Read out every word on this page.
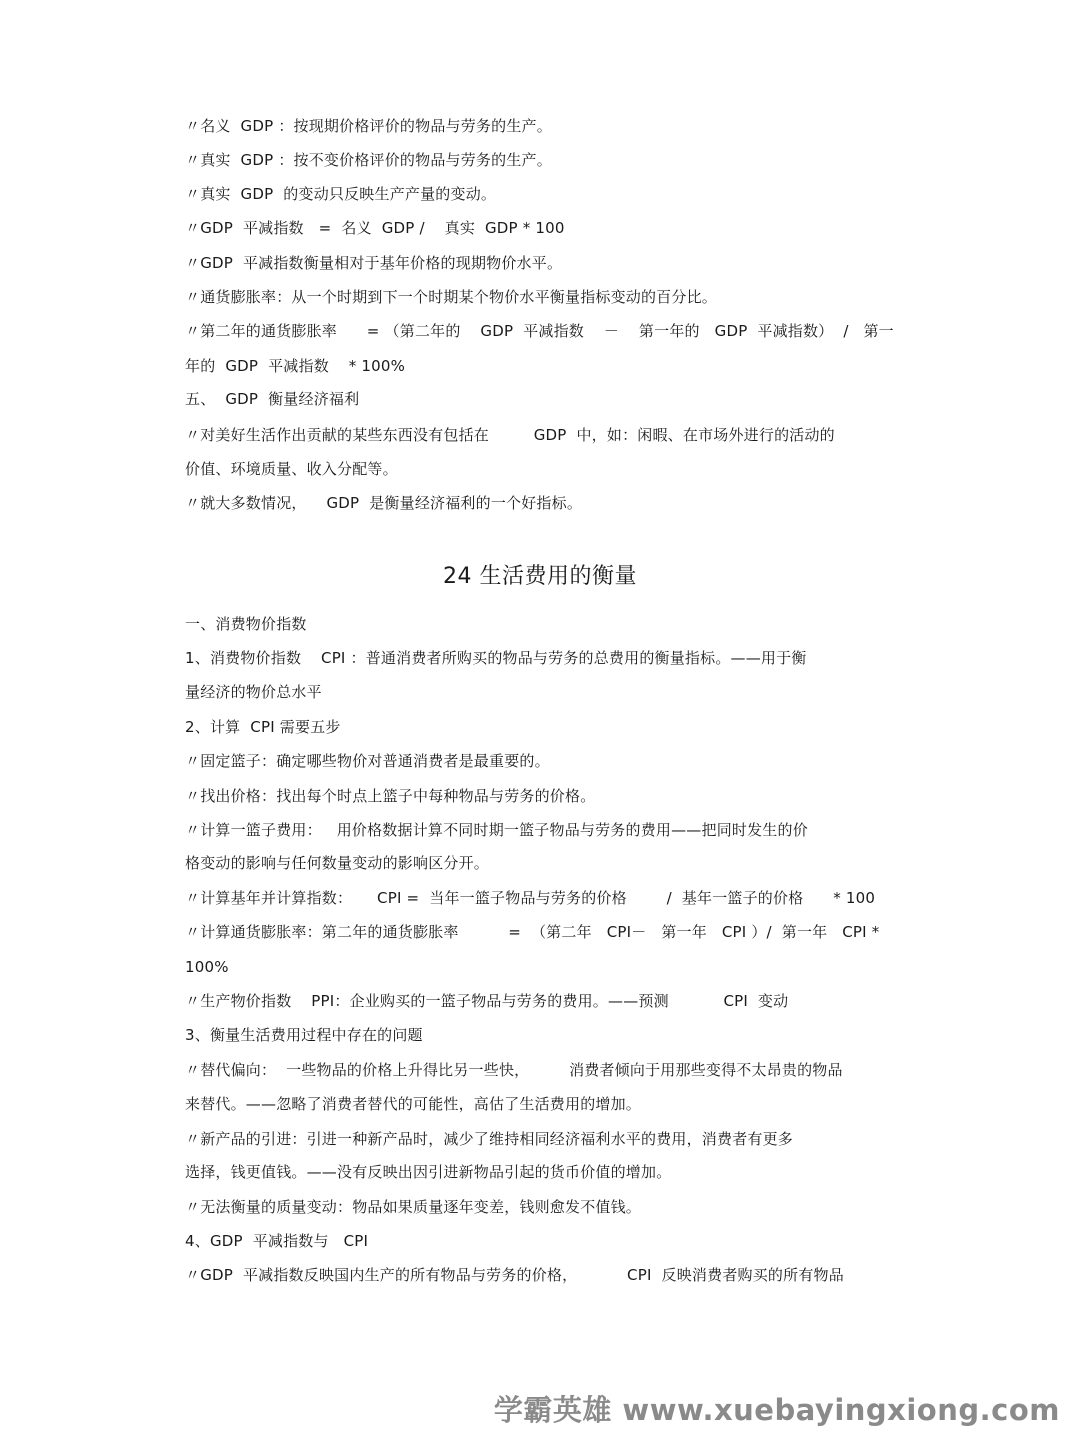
〃名义  GDP ：按现期价格评价的物品与劳务的生产。
〃真实  GDP ：按不变价格评价的物品与劳务的生产。
〃真实  GDP  的变动只反映生产产量的变动。
〃GDP  平减指数   =  名义  GDP /    真实  GDP * 100
〃GDP  平减指数衡量相对于基年价格的现期物价水平。
〃通货膨胀率：从一个时期到下一个时期某个物价水平衡量指标变动的百分比。
〃第二年的通货膨胀率      = （第二年的    GDP  平减指数    －    第一年的   GDP  平减指数）  /   第一
年的  GDP  平减指数    * 100%
五、  GDP  衡量经济福利
〃对美好生活作出贡献的某些东西没有包括在         GDP  中，如：闲暇、在市场外进行的活动的
价值、环境质量、收入分配等。
〃就大多数情况，    GDP  是衡量经济福利的一个好指标。
24 生活费用的衡量
一、消费物价指数
1、消费物价指数    CPI ：普通消费者所购买的物品与劳务的总费用的衡量指标。——用于衡
量经济的物价总水平
2、计算  CPI 需要五步
〃固定篮子：确定哪些物价对普通消费者是最重要的。
〃找出价格：找出每个时点上篮子中每种物品与劳务的价格。
〃计算一篮子费用：   用价格数据计算不同时期一篮子物品与劳务的费用——把同时发生的价
格变动的影响与任何数量变动的影响区分开。
〃计算基年并计算指数：     CPI =  当年一篮子物品与劳务的价格        /  基年一篮子的价格      * 100
〃计算通货膨胀率：第二年的通货膨胀率          =  （第二年   CPI－   第一年   CPI ）/  第一年   CPI *
100%
〃生产物价指数    PPI：企业购买的一篮子物品与劳务的费用。——预测           CPI  变动
3、衡量生活费用过程中存在的问题
〃替代偏向：  一些物品的价格上升得比另一些快，        消费者倾向于用那些变得不太昂贵的物品
来替代。——忽略了消费者替代的可能性，高估了生活费用的增加。
〃新产品的引进：引进一种新产品时，减少了维持相同经济福利水平的费用，消费者有更多
选择，钱更值钱。——没有反映出因引进新物品引起的货币价值的增加。
〃无法衡量的质量变动：物品如果质量逐年变差，钱则愈发不值钱。
4、GDP  平减指数与   CPI
〃GDP  平减指数反映国内生产的所有物品与劳务的价格，          CPI  反映消费者购买的所有物品
学霸英雄 www.xuebayingxiong.com
